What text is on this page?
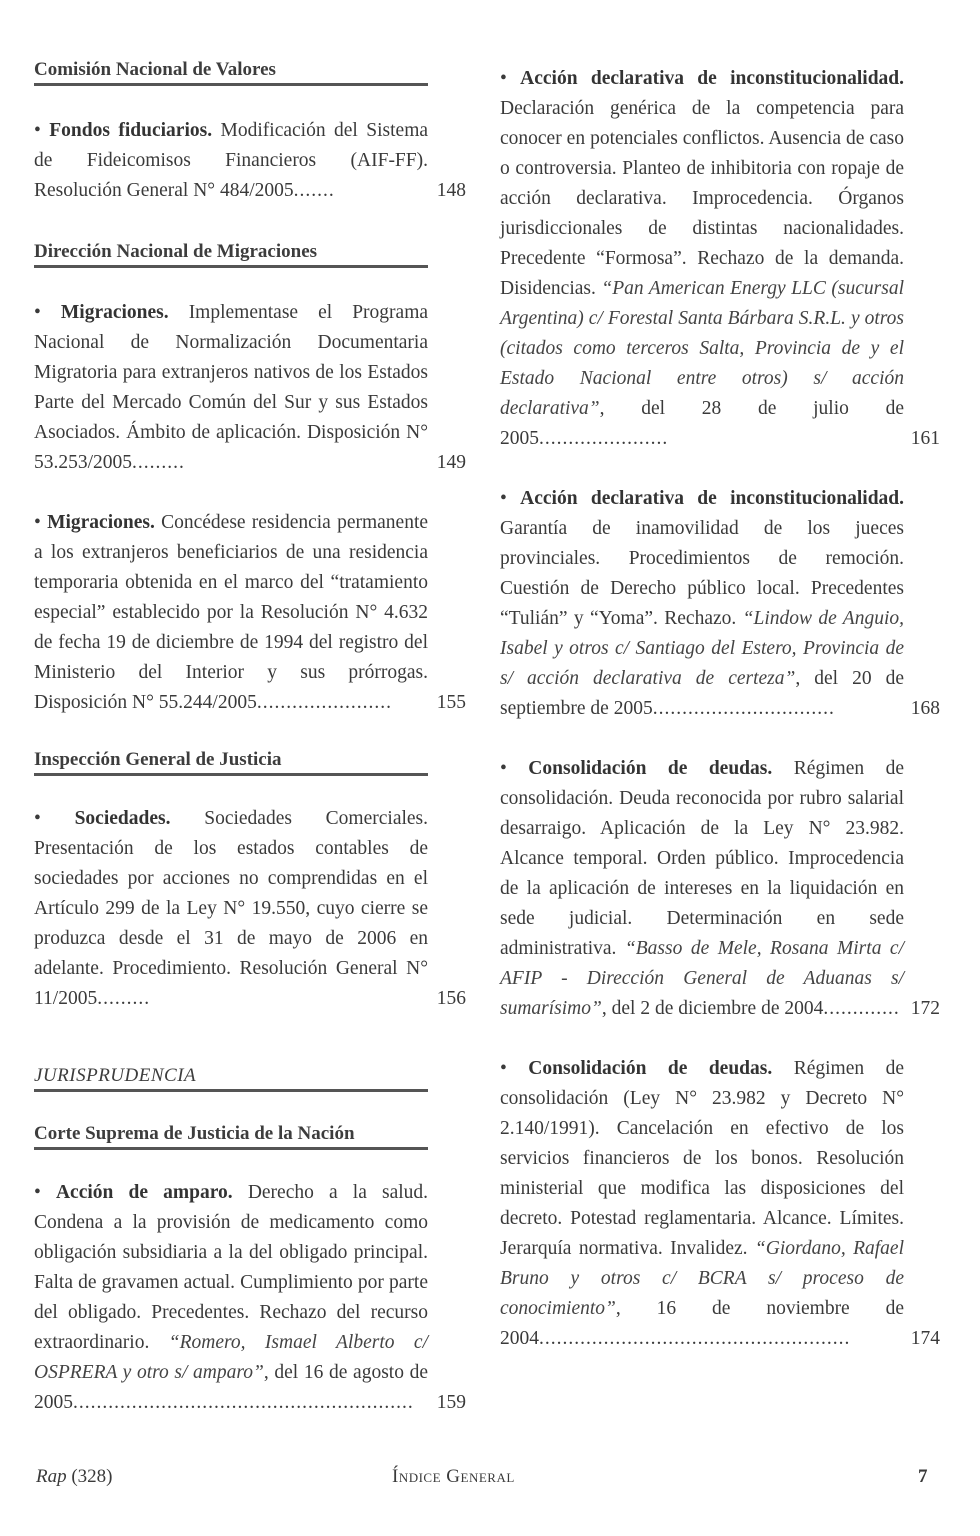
Comisión Nacional de Valores

• Fondos fiduciarios. Modificación del Sistema de Fideicomisos Financieros (AIF-FF). Resolución General N° 484/2005.......	148

Dirección Nacional de Migraciones

• Migraciones. Implementase el Programa Nacional de Normalización Documentaria Migratoria para extranjeros nativos de los Estados Parte del Mercado Común del Sur y sus Estados Asociados. Ámbito de aplicación. Disposición N° 53.253/2005.........	149

• Migraciones. Concédese residencia permanente a los extranjeros beneficiarios de una residencia temporaria obtenida en el marco del “tratamiento especial” establecido por la Resolución N° 4.632 de fecha 19 de diciembre de 1994 del registro del Ministerio del Interior y sus prórrogas. Disposición N° 55.244/2005....................... 155

Inspección General de Justicia

• Sociedades. Sociedades Comerciales. Presentación de los estados contables de sociedades por acciones no comprendidas en el Artículo 299 de la Ley N° 19.550, cuyo cierre se produzca desde el 31 de mayo de 2006 en adelante. Procedimiento. Resolución General N° 11/2005.........	156

JURISPRUDENCIA
Corte Suprema de Justicia de la Nación

• Acción de amparo. Derecho a la salud. Condena a la provisión de medicamento como obligación subsidiaria a la del obligado principal. Falta de gravamen actual. Cumplimiento por parte del obligado. Precedentes. Rechazo del recurso extraordinario. “Romero, Ismael Alberto c/ OSPRERA y otro s/ amparo”, del 16 de agosto de 2005.......................................................... 159

• Acción declarativa de inconstitucionalidad. Declaración genérica de la competencia para conocer en potenciales conflictos. Ausencia de caso o controversia. Planteo de inhibitoria con ropaje de acción declarativa. Improcedencia. Órganos jurisdiccionales de distintas nacionalidades. Precedente “Formosa”. Rechazo de la demanda. Disidencias. “Pan American Energy LLC (sucursal Argentina) c/ Forestal Santa Bárbara S.R.L. y otros (citados como terceros Salta, Provincia de y el Estado Nacional entre otros) s/ acción declarativa”, del 28 de julio de 2005......................	161

• Acción declarativa de inconstitucionalidad. Garantía de inamovilidad de los jueces provinciales. Procedimientos de remoción. Cuestión de Derecho público local. Precedentes “Tulián” y “Yoma”. Rechazo. “Lindow de Anguio, Isabel y otros c/ Santiago del Estero, Provincia de s/ acción declarativa de certeza”, del 20 de septiembre de 2005...............................	168

• Consolidación de deudas. Régimen de consolidación. Deuda reconocida por rubro salarial desarraigo. Aplicación de la Ley N° 23.982. Alcance temporal. Orden público. Improcedencia de la aplicación de intereses en la liquidación en sede judicial. Determinación en sede administrativa. “Basso de Mele, Rosana Mirta c/ AFIP - Dirección General de Aduanas s/ sumarísimo”, del 2 de diciembre de 2004............. 172

• Consolidación de deudas. Régimen de consolidación (Ley N° 23.982 y Decreto N° 2.140/1991). Cancelación en efectivo de los servicios financieros de los bonos. Resolución ministerial que modifica las disposiciones del decreto. Potestad reglamentaria. Alcance. Límites. Jerarquía normativa. Invalidez. “Giordano, Rafael Bruno y otros c/ BCRA s/ proceso de conocimiento”, 16 de noviembre de 2004.....................................................	174

Rap (328)	Índice General	7
